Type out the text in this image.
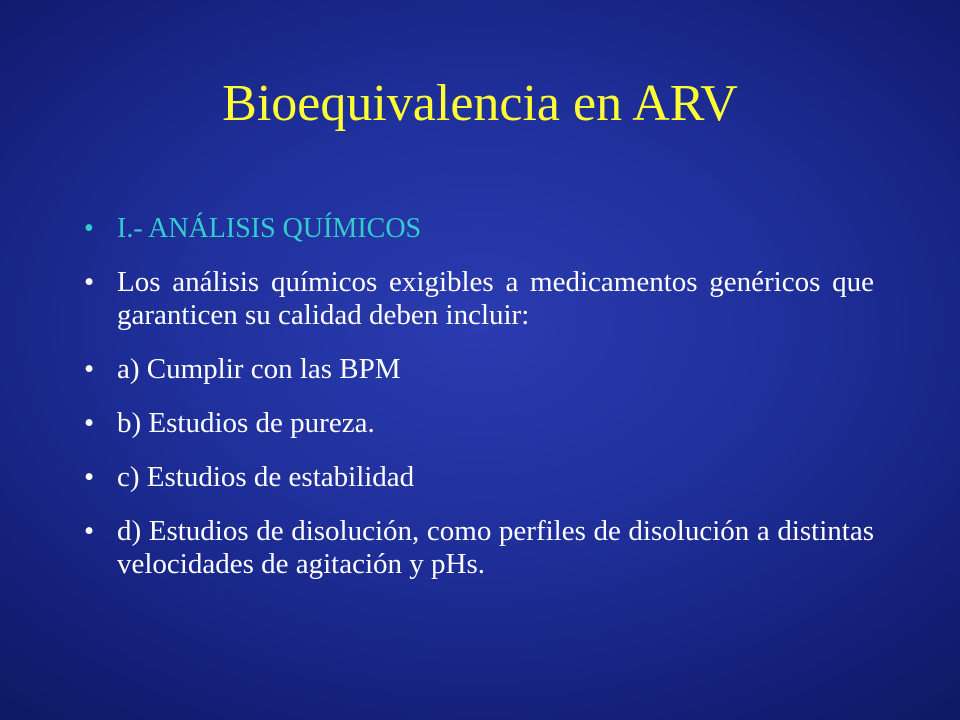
Bioequivalencia en ARV
• I.- ANÁLISIS QUÍMICOS
• Los análisis químicos exigibles a medicamentos genéricos que garanticen su calidad deben incluir:
• a) Cumplir con las BPM
• b) Estudios de pureza.
• c) Estudios de estabilidad
• d) Estudios de disolución, como perfiles de disolución a distintas velocidades de agitación y pHs.
